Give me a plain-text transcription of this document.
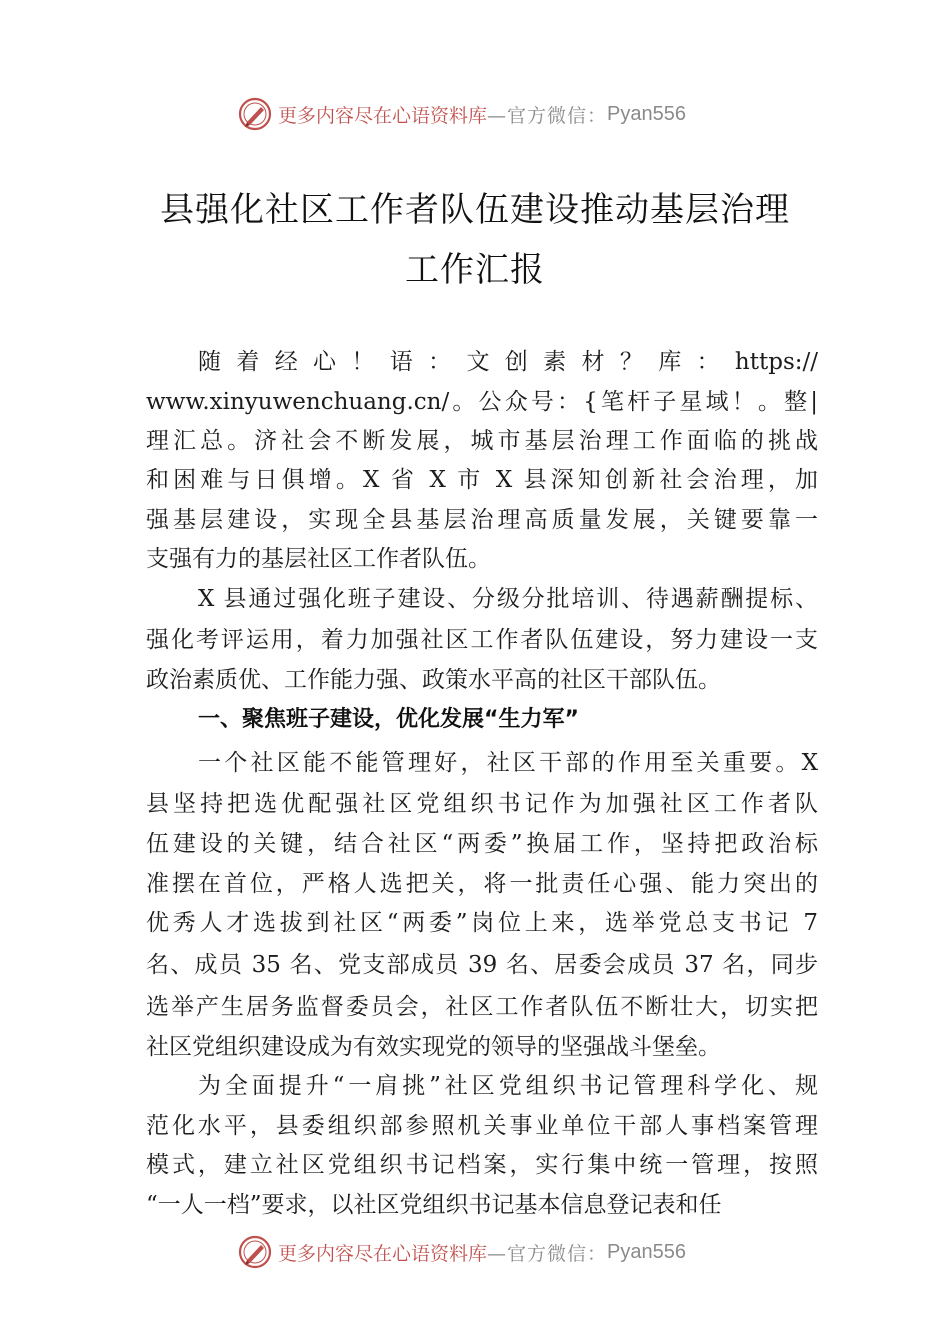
更多内容尽在心语资料库 —官方微信： Pyan556
县强化社区工作者队伍建设推动基层治理
工作汇报
随 着 经 心 ！ 语 ： 文 创 素 材 ？ 库 ： https://
www.xinyuwenchuang.cn/。公众号：{笔杆子星域！。整|
理汇总。济社会不断发展，城市基层治理工作面临的挑战
和困难与日俱增。X 省 X 市 X 县深知创新社会治理，加
强基层建设，实现全县基层治理高质量发展，关键要靠一
支强有力的基层社区工作者队伍。
X 县通过强化班子建设、分级分批培训、待遇薪酬提标、
强化考评运用，着力加强社区工作者队伍建设，努力建设一支
政治素质优、工作能力强、政策水平高的社区干部队伍。
一、聚焦班子建设，优化发展“生力军”
一个社区能不能管理好，社区干部的作用至关重要。X
县坚持把选优配强社区党组织书记作为加强社区工作者队
伍建设的关键，结合社区“两委”换届工作，坚持把政治标
准摆在首位，严格人选把关，将一批责任心强、能力突出的
优秀人才选拔到社区“两委”岗位上来，选举党总支书记 7
名、成员 35 名、党支部成员 39 名、居委会成员 37 名，同步
选举产生居务监督委员会，社区工作者队伍不断壮大，切实把
社区党组织建设成为有效实现党的领导的坚强战斗堡垒。
为全面提升“一肩挑”社区党组织书记管理科学化、规
范化水平，县委组织部参照机关事业单位干部人事档案管理
模式，建立社区党组织书记档案，实行集中统一管理，按照
“一人一档”要求，以社区党组织书记基本信息登记表和任
更多内容尽在心语资料库 —官方微信： Pyan556
